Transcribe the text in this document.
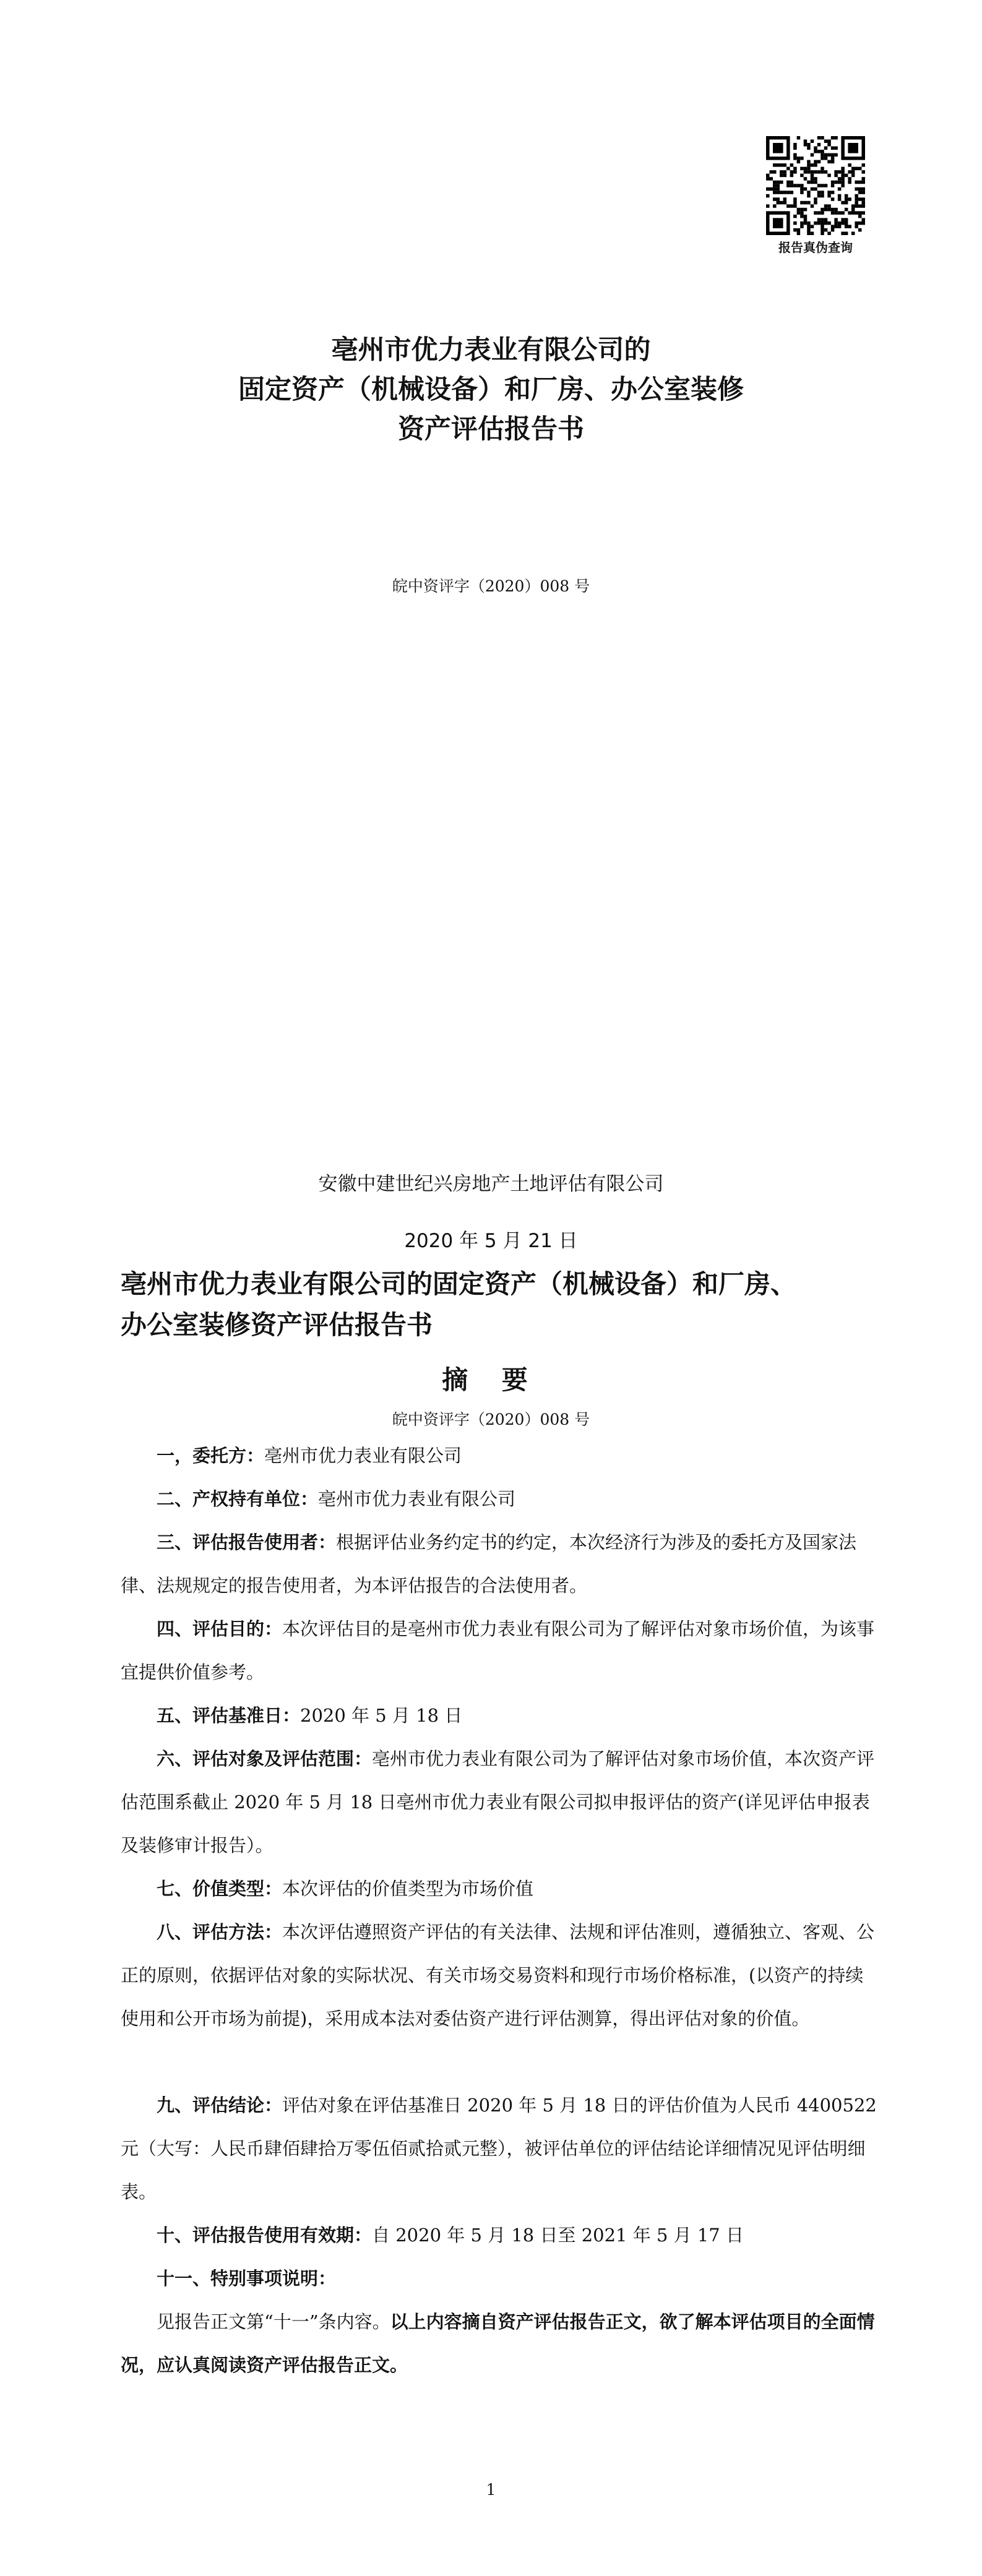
报告真伪查询
亳州市优力表业有限公司的
固定资产（机械设备）和厂房、办公室装修
资产评估报告书
皖中资评字（2020）008 号
安徽中建世纪兴房地产土地评估有限公司
2020 年 5 月 21 日
亳州市优力表业有限公司的固定资产（机械设备）和厂房、
办公室装修资产评估报告书
摘 要
皖中资评字（2020）008 号
一，委托方：亳州市优力表业有限公司
二、产权持有单位：亳州市优力表业有限公司
三、评估报告使用者：根据评估业务约定书的约定，本次经济行为涉及的委托方及国家法律、法规规定的报告使用者，为本评估报告的合法使用者。
四、评估目的：本次评估目的是亳州市优力表业有限公司为了解评估对象市场价值，为该事宜提供价值参考。
五、评估基准日：2020 年 5 月 18 日
六、评估对象及评估范围：亳州市优力表业有限公司为了解评估对象市场价值，本次资产评估范围系截止 2020 年 5 月 18 日亳州市优力表业有限公司拟申报评估的资产(详见评估申报表及装修审计报告）。
七、价值类型：本次评估的价值类型为市场价值
八、评估方法：本次评估遵照资产评估的有关法律、法规和评估准则，遵循独立、客观、公正的原则，依据评估对象的实际状况、有关市场交易资料和现行市场价格标准，(以资产的持续使用和公开市场为前提)，采用成本法对委估资产进行评估测算，得出评估对象的价值。
九、评估结论：评估对象在评估基准日 2020 年 5 月 18 日的评估价值为人民币 4400522 元（大写：人民币肆佰肆拾万零伍佰贰拾贰元整），被评估单位的评估结论详细情况见评估明细表。
十、评估报告使用有效期：自 2020 年 5 月 18 日至 2021 年 5 月 17 日
十一、特别事项说明：
见报告正文第“十一”条内容。以上内容摘自资产评估报告正文，欲了解本评估项目的全面情况，应认真阅读资产评估报告正文。
1
